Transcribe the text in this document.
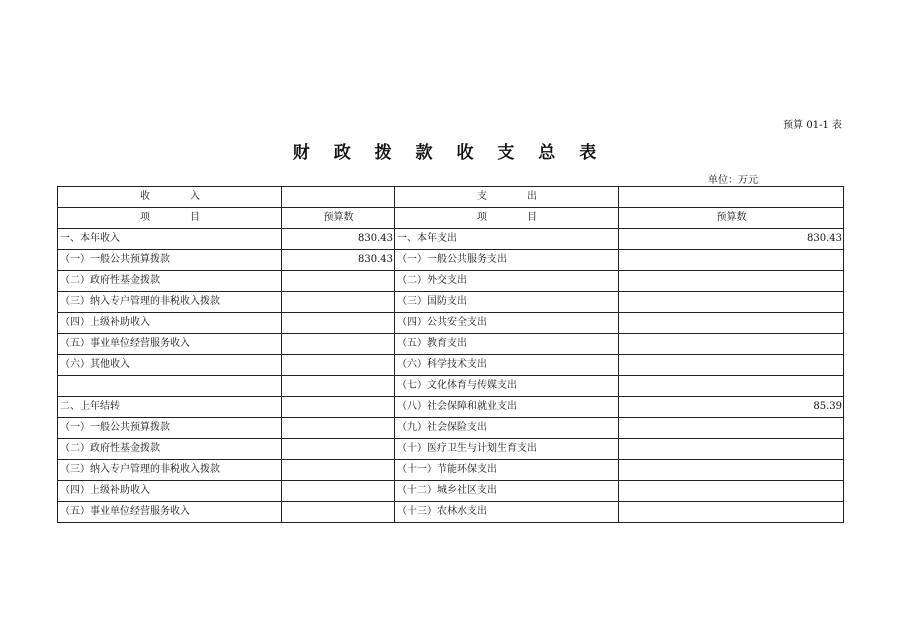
预算 01-1 表
财 政 拨 款 收 支 总 表
单位：万元
收　　　　入		支　　　　出	
项　　　　目	预算数	项　　　　目	预算数
一、本年收入	830.43	一、本年支出	830.43
（一）一般公共预算拨款	830.43	（一）一般公共服务支出	
（二）政府性基金拨款		（二）外交支出	
（三）纳入专户管理的非税收入拨款		（三）国防支出	
（四）上级补助收入		（四）公共安全支出	
（五）事业单位经营服务收入		（五）教育支出	
（六）其他收入		（六）科学技术支出	
		（七）文化体育与传媒支出	
二、上年结转		（八）社会保障和就业支出	85.39
（一）一般公共预算拨款		（九）社会保险支出	
（二）政府性基金拨款		（十）医疗卫生与计划生育支出	
（三）纳入专户管理的非税收入拨款		（十一）节能环保支出	
（四）上级补助收入		（十二）城乡社区支出	
（五）事业单位经营服务收入		（十三）农林水支出	
